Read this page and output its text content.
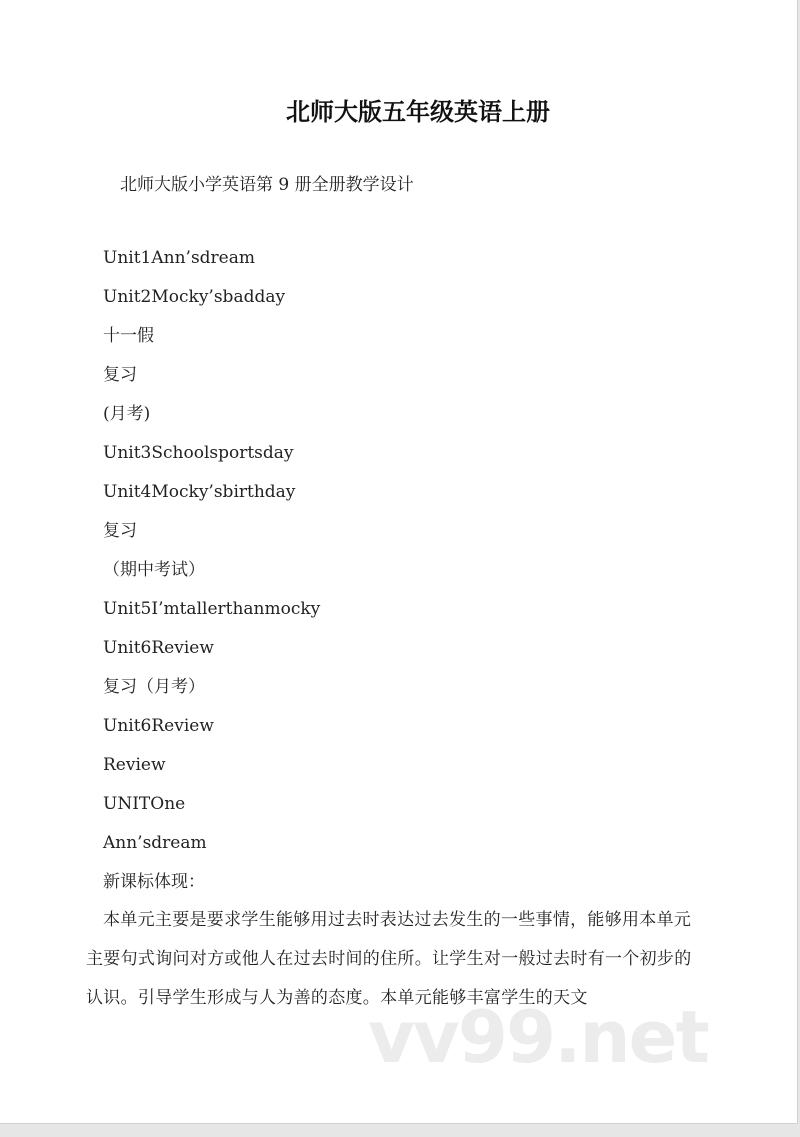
北师大版五年级英语上册
北师大版小学英语第 9 册全册教学设计
Unit1Ann’sdream
Unit2Mocky’sbadday
十一假
复习
(月考)
Unit3Schoolsportsday
Unit4Mocky’sbirthday
复习
（期中考试）
Unit5I’mtallerthanmocky
Unit6Review
复习（月考）
Unit6Review
Review
UNITOne
Ann’sdream
新课标体现：
本单元主要是要求学生能够用过去时表达过去发生的一些事情，能够用本单元主要句式询问对方或他人在过去时间的住所。让学生对一般过去时有一个初步的认识。引导学生形成与人为善的态度。本单元能够丰富学生的天文
vv99.net
